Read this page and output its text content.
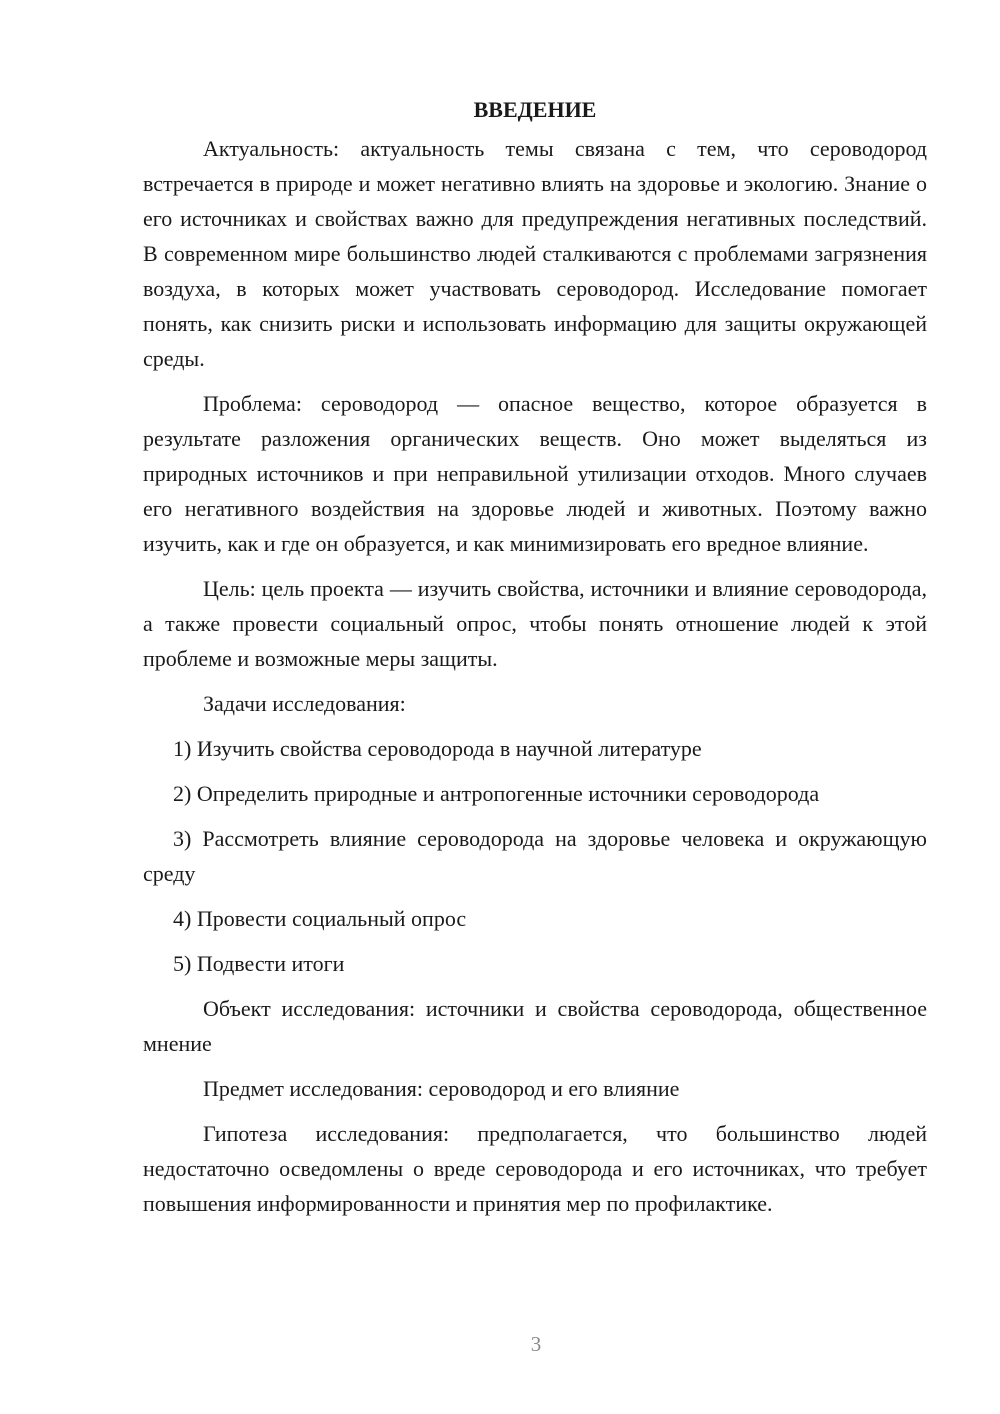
ВВЕДЕНИЕ

Актуальность: актуальность темы связана с тем, что сероводород встречается в природе и может негативно влиять на здоровье и экологию. Знание о его источниках и свойствах важно для предупреждения негативных последствий. В современном мире большинство людей сталкиваются с проблемами загрязнения воздуха, в которых может участвовать сероводород. Исследование помогает понять, как снизить риски и использовать информацию для защиты окружающей среды.

Проблема: сероводород — опасное вещество, которое образуется в результате разложения органических веществ. Оно может выделяться из природных источников и при неправильной утилизации отходов. Много случаев его негативного воздействия на здоровье людей и животных. Поэтому важно изучить, как и где он образуется, и как минимизировать его вредное влияние.

Цель: цель проекта — изучить свойства, источники и влияние сероводорода, а также провести социальный опрос, чтобы понять отношение людей к этой проблеме и возможные меры защиты.

Задачи исследования:

1) Изучить свойства сероводорода в научной литературе

2) Определить природные и антропогенные источники сероводорода

3) Рассмотреть влияние сероводорода на здоровье человека и окружающую среду

4) Провести социальный опрос

5) Подвести итоги

Объект исследования: источники и свойства сероводорода, общественное мнение

Предмет исследования: сероводород и его влияние

Гипотеза исследования: предполагается, что большинство людей недостаточно осведомлены о вреде сероводорода и его источниках, что требует повышения информированности и принятия мер по профилактике.

3
